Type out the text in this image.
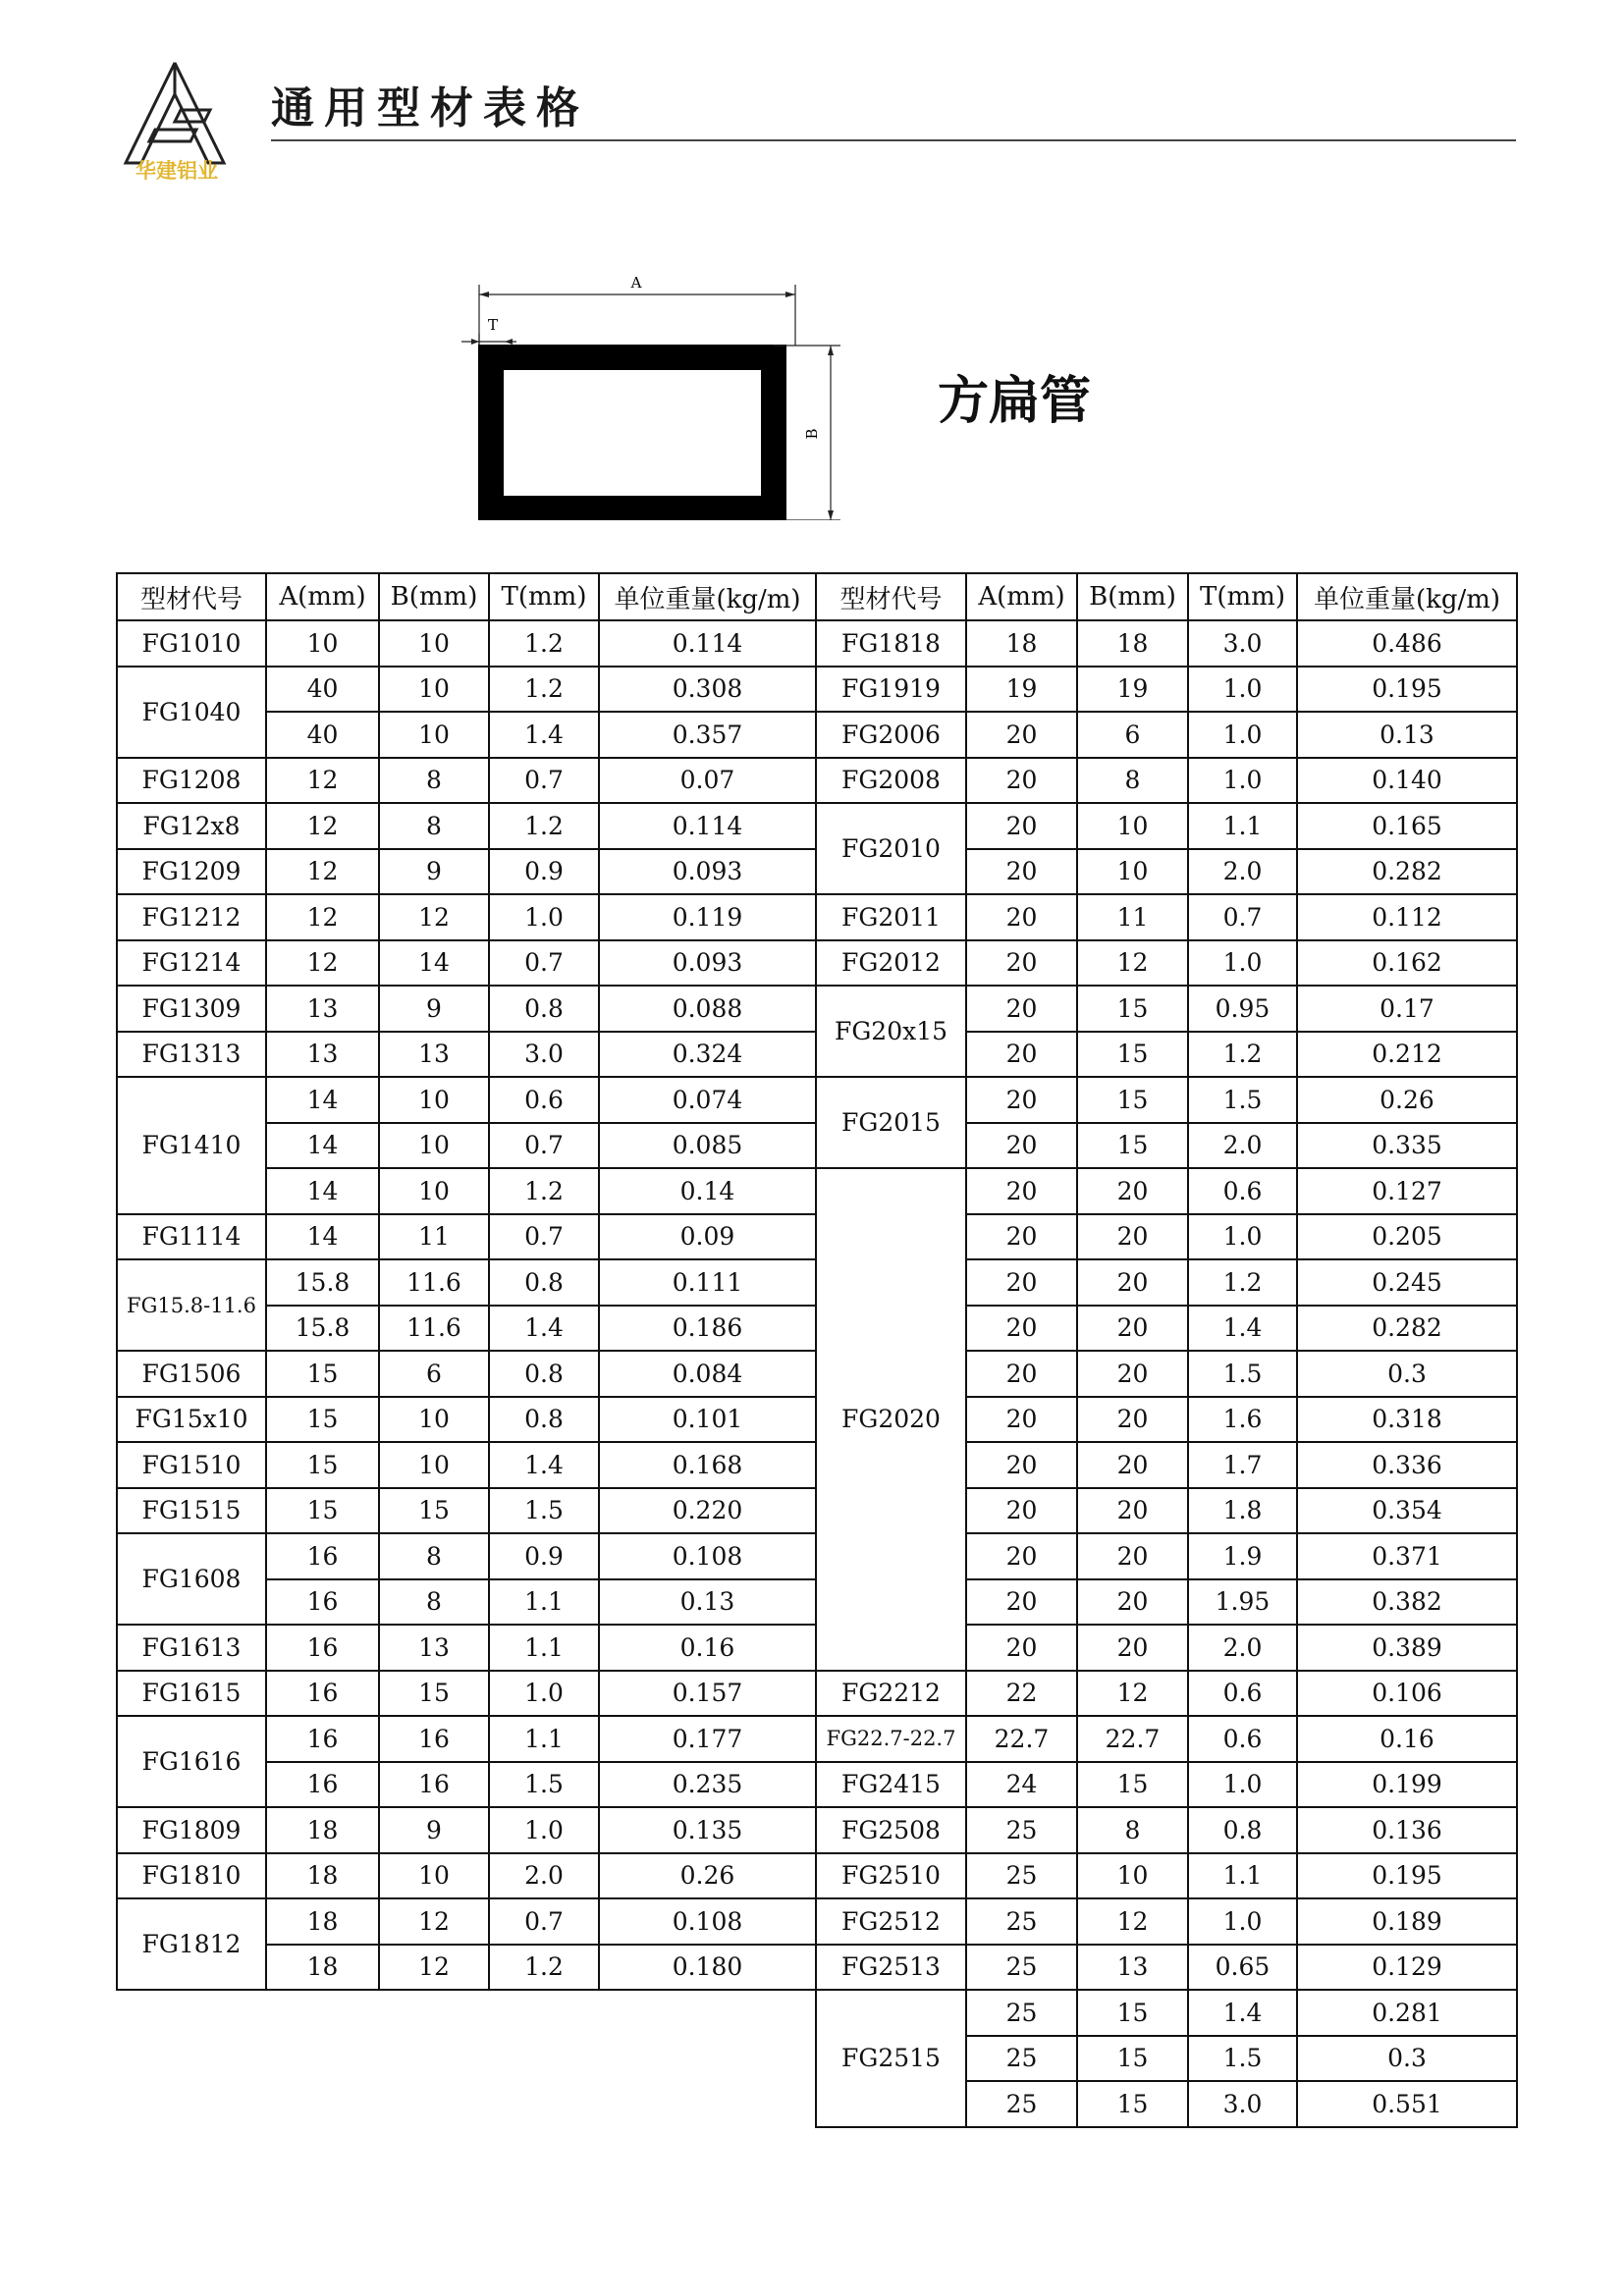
华建铝业
通用型材表格
A
T
B
方扁管
型材代号	A(mm)	B(mm)	T(mm)	单位重量(kg/m)
FG1010	10	10	1.2	0.114
FG1040	40	10	1.2	0.308
	40	10	1.4	0.357
FG1208	12	8	0.7	0.07
FG12x8	12	8	1.2	0.114
FG1209	12	9	0.9	0.093
FG1212	12	12	1.0	0.119
FG1214	12	14	0.7	0.093
FG1309	13	9	0.8	0.088
FG1313	13	13	3.0	0.324
FG1410	14	10	0.6	0.074
	14	10	0.7	0.085
	14	10	1.2	0.14
FG1114	14	11	0.7	0.09
FG15.8-11.6	15.8	11.6	0.8	0.111
	15.8	11.6	1.4	0.186
FG1506	15	6	0.8	0.084
FG15x10	15	10	0.8	0.101
FG1510	15	10	1.4	0.168
FG1515	15	15	1.5	0.220
FG1608	16	8	0.9	0.108
	16	8	1.1	0.13
FG1613	16	13	1.1	0.16
FG1615	16	15	1.0	0.157
FG1616	16	16	1.1	0.177
	16	16	1.5	0.235
FG1809	18	9	1.0	0.135
FG1810	18	10	2.0	0.26
FG1812	18	12	0.7	0.108
	18	12	1.2	0.180
型材代号	A(mm)	B(mm)	T(mm)	单位重量(kg/m)
FG1818	18	18	3.0	0.486
FG1919	19	19	1.0	0.195
FG2006	20	6	1.0	0.13
FG2008	20	8	1.0	0.140
FG2010	20	10	1.1	0.165
	20	10	2.0	0.282
FG2011	20	11	0.7	0.112
FG2012	20	12	1.0	0.162
FG20x15	20	15	0.95	0.17
	20	15	1.2	0.212
FG2015	20	15	1.5	0.26
	20	15	2.0	0.335
FG2020	20	20	0.6	0.127
	20	20	1.0	0.205
	20	20	1.2	0.245
	20	20	1.4	0.282
	20	20	1.5	0.3
	20	20	1.6	0.318
	20	20	1.7	0.336
	20	20	1.8	0.354
	20	20	1.9	0.371
	20	20	1.95	0.382
	20	20	2.0	0.389
FG2212	22	12	0.6	0.106
FG22.7-22.7	22.7	22.7	0.6	0.16
FG2415	24	15	1.0	0.199
FG2508	25	8	0.8	0.136
FG2510	25	10	1.1	0.195
FG2512	25	12	1.0	0.189
FG2513	25	13	0.65	0.129
FG2515	25	15	1.4	0.281
	25	15	1.5	0.3
	25	15	3.0	0.551
